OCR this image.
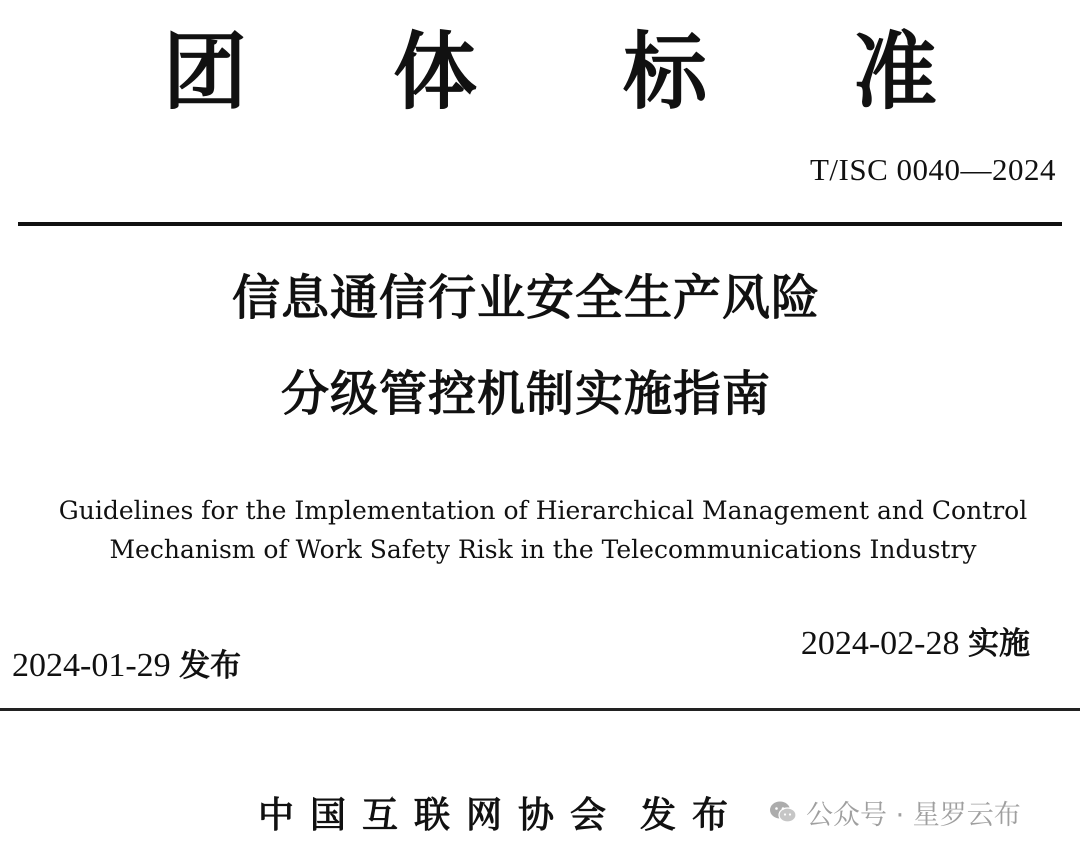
团 体 标 准
T/ISC 0040—2024
信息通信行业安全生产风险
分级管控机制实施指南
Guidelines for the Implementation of Hierarchical Management and Control
Mechanism of Work Safety Risk in the Telecommunications Industry
2024-01-29 发布
2024-02-28 实施
中国互联网协会 发布 公众号 · 星罗云布
